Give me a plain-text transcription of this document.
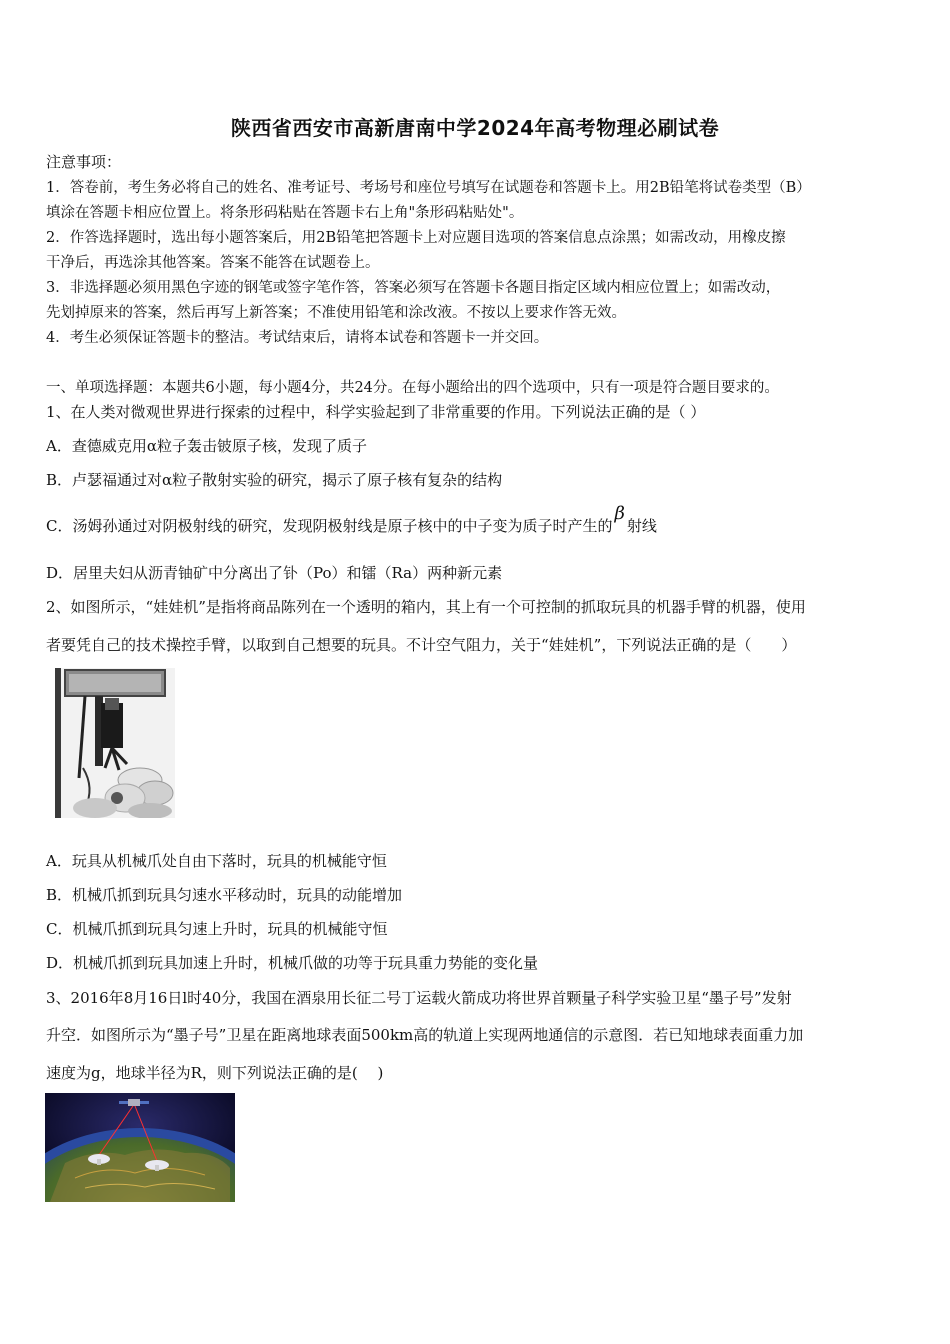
陕西省西安市高新唐南中学2024年高考物理必刷试卷
注意事项：
1．答卷前，考生务必将自己的姓名、准考证号、考场号和座位号填写在试题卷和答题卡上。用2B铅笔将试卷类型（B）
填涂在答题卡相应位置上。将条形码粘贴在答题卡右上角"条形码粘贴处"。
2．作答选择题时，选出每小题答案后，用2B铅笔把答题卡上对应题目选项的答案信息点涂黑；如需改动，用橡皮擦
干净后，再选涂其他答案。答案不能答在试题卷上。
3．非选择题必须用黑色字迹的钢笔或签字笔作答，答案必须写在答题卡各题目指定区域内相应位置上；如需改动，
先划掉原来的答案，然后再写上新答案；不准使用铅笔和涂改液。不按以上要求作答无效。
4．考生必须保证答题卡的整洁。考试结束后，请将本试卷和答题卡一并交回。
一、单项选择题：本题共6小题，每小题4分，共24分。在每小题给出的四个选项中，只有一项是符合题目要求的。
1、在人类对微观世界进行探索的过程中，科学实验起到了非常重要的作用。下列说法正确的是（ ）
A．查德威克用α粒子轰击铍原子核，发现了质子
B．卢瑟福通过对α粒子散射实验的研究，揭示了原子核有复杂的结构
C．汤姆孙通过对阴极射线的研究，发现阴极射线是原子核中的中子变为质子时产生的β射线
D．居里夫妇从沥青铀矿中分离出了钋（Po）和镭（Ra）两种新元素
2、如图所示，“娃娃机”是指将商品陈列在一个透明的箱内，其上有一个可控制的抓取玩具的机器手臂的机器，使用
者要凭自己的技术操控手臂，以取到自己想要的玩具。不计空气阻力，关于“娃娃机”，下列说法正确的是（　　）
A．玩具从机械爪处自由下落时，玩具的机械能守恒
B．机械爪抓到玩具匀速水平移动时，玩具的动能增加
C．机械爪抓到玩具匀速上升时，玩具的机械能守恒
D．机械爪抓到玩具加速上升时，机械爪做的功等于玩具重力势能的变化量
3、2016年8月16日l时40分，我国在酒泉用长征二号丁运载火箭成功将世界首颗量子科学实验卫星“墨子号”发射
升空．如图所示为“墨子号”卫星在距离地球表面500km高的轨道上实现两地通信的示意图．若已知地球表面重力加
速度为g，地球半径为R，则下列说法正确的是(　 )
